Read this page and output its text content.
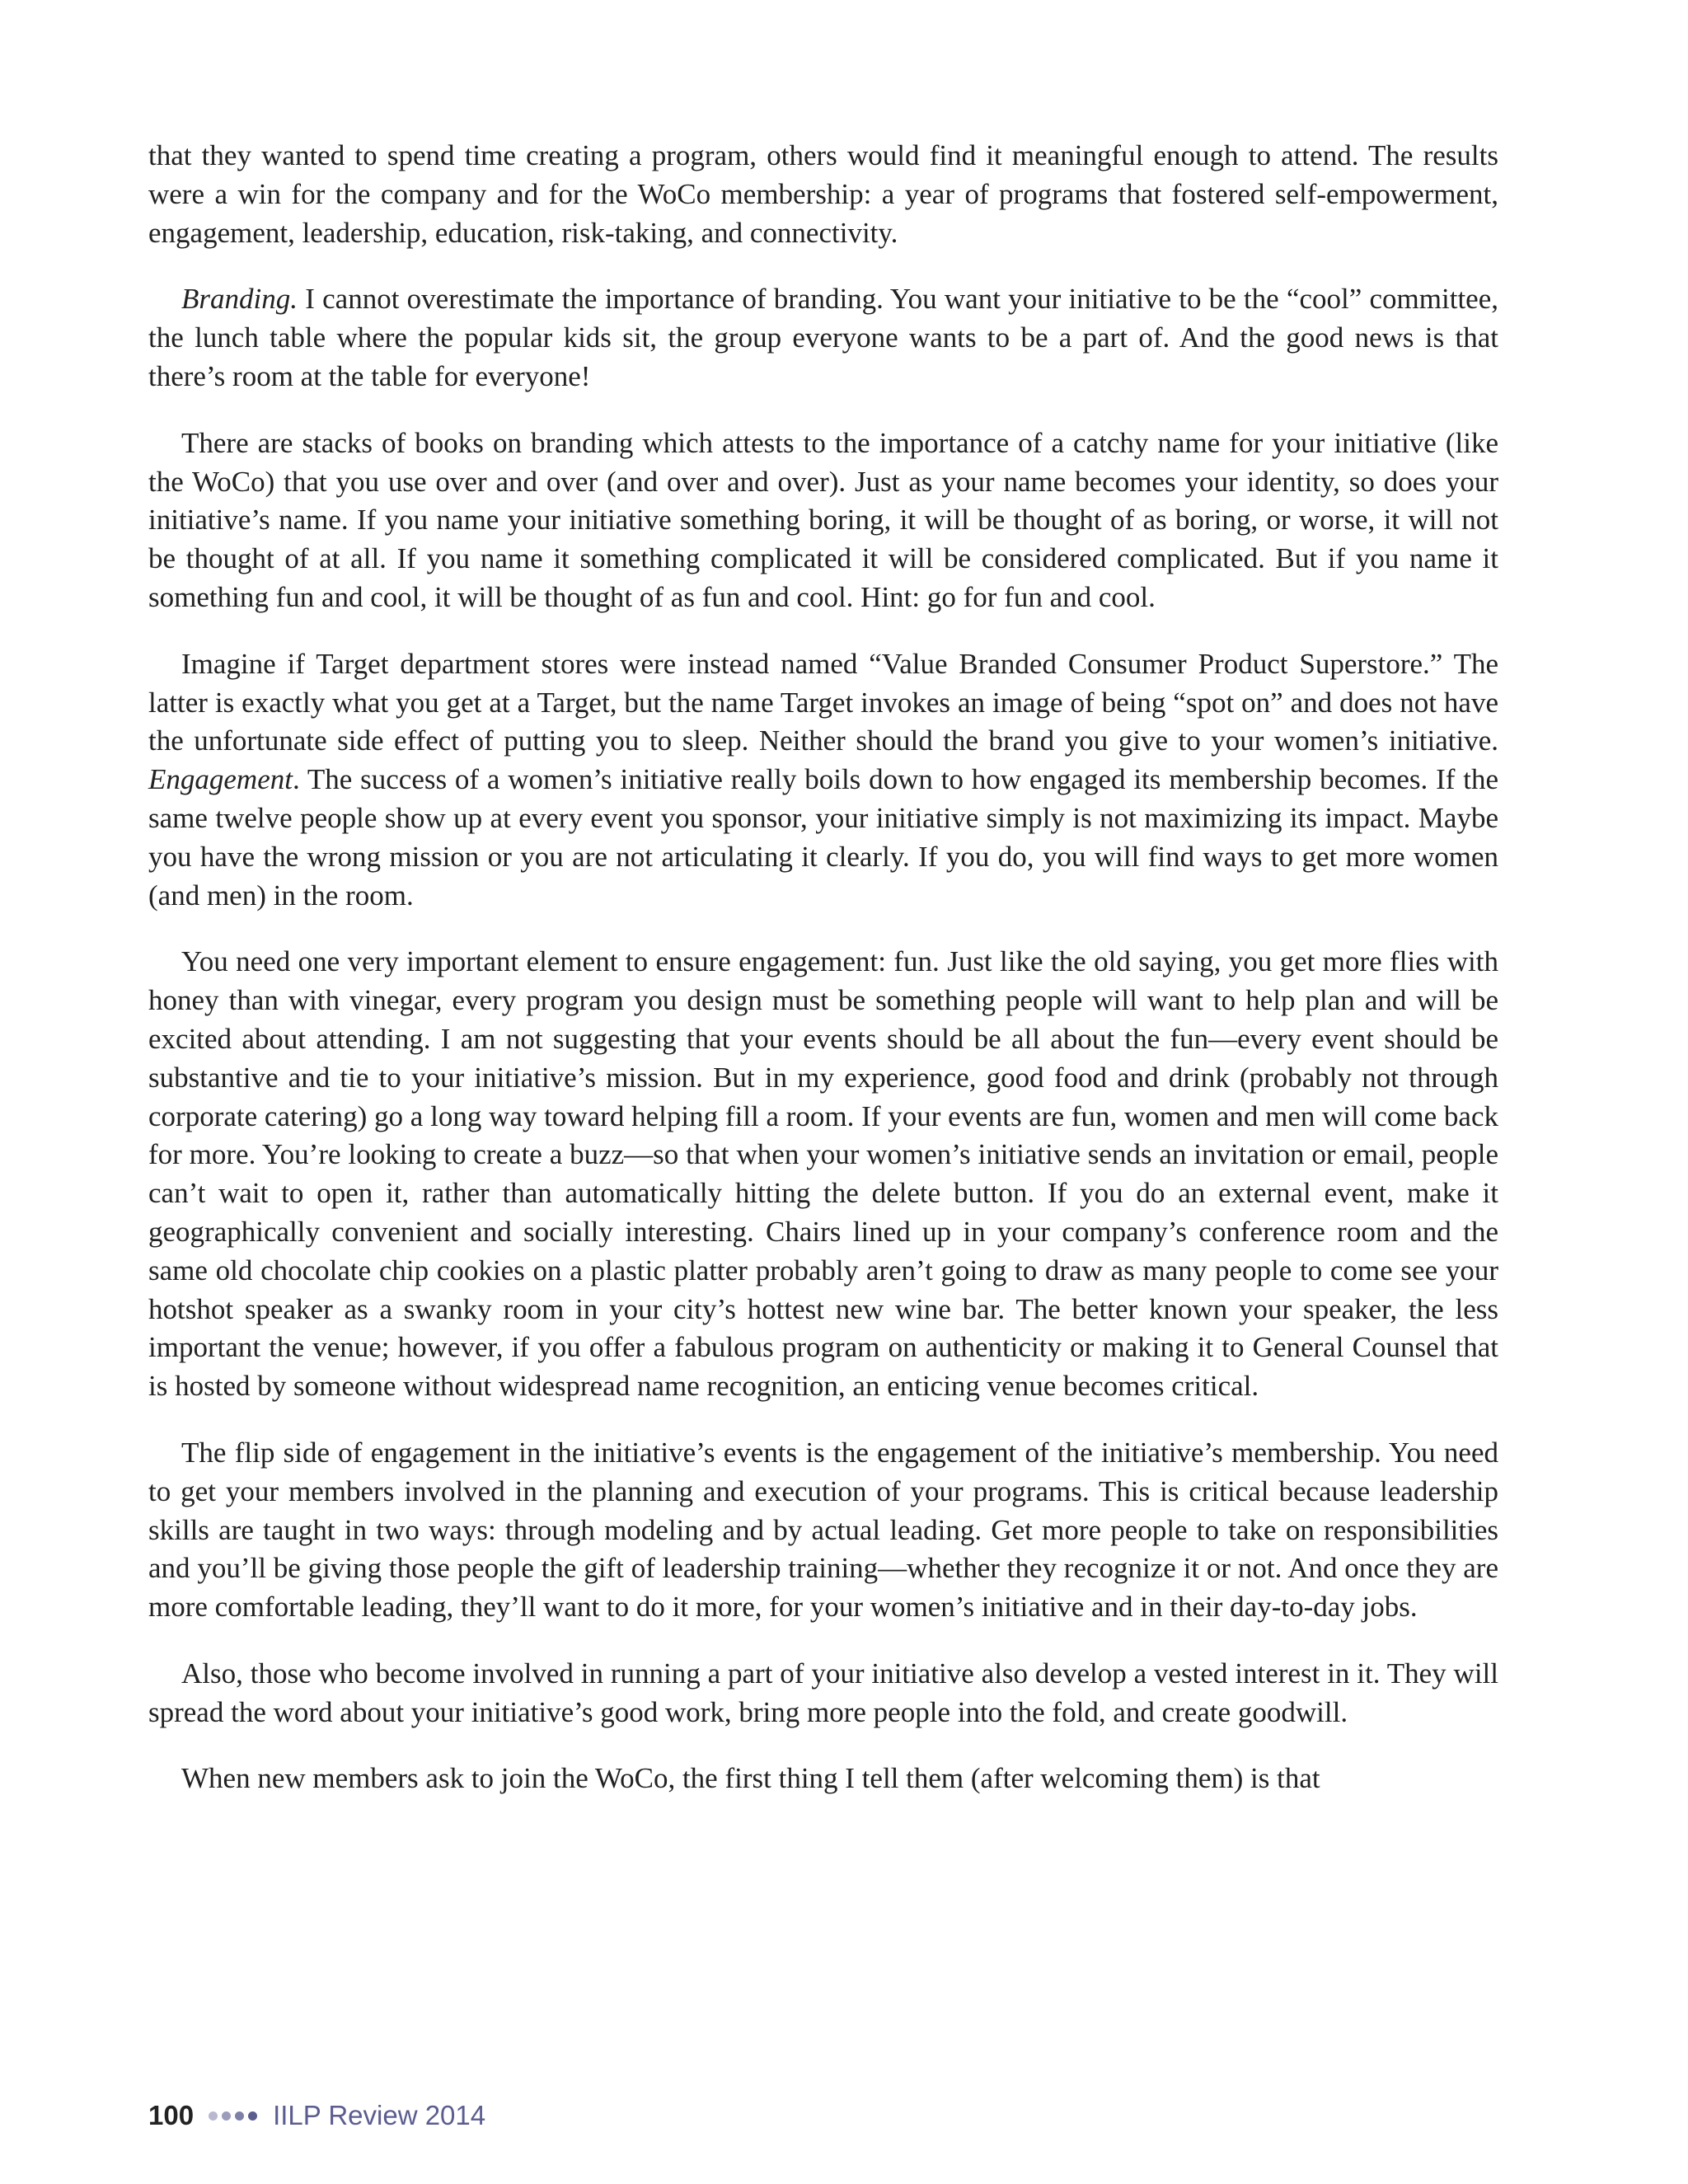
that they wanted to spend time creating a program, others would find it meaningful enough to attend. The results were a win for the company and for the WoCo membership: a year of programs that fostered self-empowerment, engagement, leadership, education, risk-taking, and connectivity.

Branding. I cannot overestimate the importance of branding. You want your initiative to be the “cool” committee, the lunch table where the popular kids sit, the group everyone wants to be a part of. And the good news is that there’s room at the table for everyone!

There are stacks of books on branding which attests to the importance of a catchy name for your initiative (like the WoCo) that you use over and over (and over and over). Just as your name becomes your identity, so does your initiative’s name. If you name your initiative something boring, it will be thought of as boring, or worse, it will not be thought of at all. If you name it something complicated it will be considered complicated. But if you name it something fun and cool, it will be thought of as fun and cool. Hint: go for fun and cool.

Imagine if Target department stores were instead named “Value Branded Consumer Product Superstore.” The latter is exactly what you get at a Target, but the name Target invokes an image of being “spot on” and does not have the unfortunate side effect of putting you to sleep. Neither should the brand you give to your women’s initiative. Engagement. The success of a women’s initiative really boils down to how engaged its membership becomes. If the same twelve people show up at every event you sponsor, your initiative simply is not maximizing its impact. Maybe you have the wrong mission or you are not articulating it clearly. If you do, you will find ways to get more women (and men) in the room.

You need one very important element to ensure engagement: fun. Just like the old saying, you get more flies with honey than with vinegar, every program you design must be something people will want to help plan and will be excited about attending. I am not suggesting that your events should be all about the fun—every event should be substantive and tie to your initiative’s mission. But in my experience, good food and drink (probably not through corporate catering) go a long way toward helping fill a room. If your events are fun, women and men will come back for more. You’re looking to create a buzz—so that when your women’s initiative sends an invitation or email, people can’t wait to open it, rather than automatically hitting the delete button. If you do an external event, make it geographically convenient and socially interesting. Chairs lined up in your company’s conference room and the same old chocolate chip cookies on a plastic platter probably aren’t going to draw as many people to come see your hotshot speaker as a swanky room in your city’s hottest new wine bar. The better known your speaker, the less important the venue; however, if you offer a fabulous program on authenticity or making it to General Counsel that is hosted by someone without widespread name recognition, an enticing venue becomes critical.

The flip side of engagement in the initiative’s events is the engagement of the initiative’s membership. You need to get your members involved in the planning and execution of your programs. This is critical because leadership skills are taught in two ways: through modeling and by actual leading. Get more people to take on responsibilities and you’ll be giving those people the gift of leadership training—whether they recognize it or not. And once they are more comfortable leading, they’ll want to do it more, for your women’s initiative and in their day-to-day jobs.

Also, those who become involved in running a part of your initiative also develop a vested interest in it. They will spread the word about your initiative’s good work, bring more people into the fold, and create goodwill.

When new members ask to join the WoCo, the first thing I tell them (after welcoming them) is that

100	IILP Review 2014
